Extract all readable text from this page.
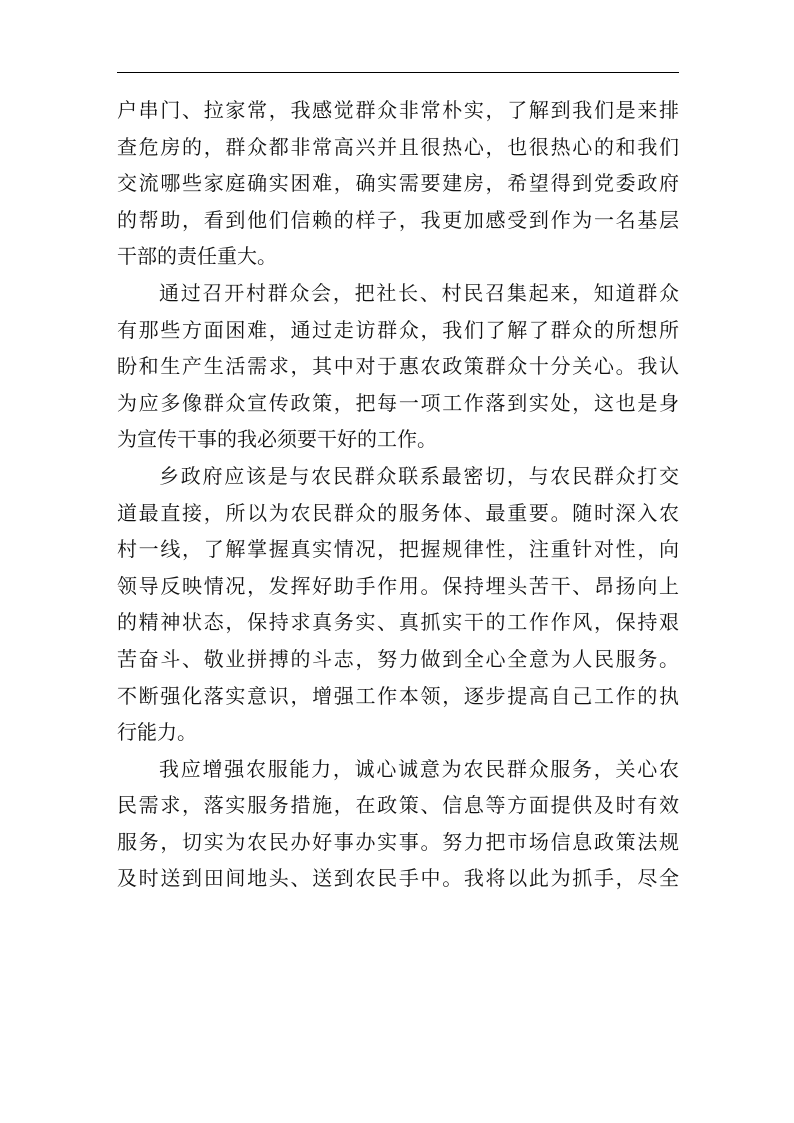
户串门、拉家常，我感觉群众非常朴实，了解到我们是来排
查危房的，群众都非常高兴并且很热心，也很热心的和我们
交流哪些家庭确实困难，确实需要建房，希望得到党委政府
的帮助，看到他们信赖的样子，我更加感受到作为一名基层
干部的责任重大。
通过召开村群众会，把社长、村民召集起来，知道群众
有那些方面困难，通过走访群众，我们了解了群众的所想所
盼和生产生活需求，其中对于惠农政策群众十分关心。我认
为应多像群众宣传政策，把每一项工作落到实处，这也是身
为宣传干事的我必须要干好的工作。
乡政府应该是与农民群众联系最密切，与农民群众打交
道最直接，所以为农民群众的服务体、最重要。随时深入农
村一线，了解掌握真实情况，把握规律性，注重针对性，向
领导反映情况，发挥好助手作用。保持埋头苦干、昂扬向上
的精神状态，保持求真务实、真抓实干的工作作风，保持艰
苦奋斗、敬业拼搏的斗志，努力做到全心全意为人民服务。
不断强化落实意识，增强工作本领，逐步提高自己工作的执
行能力。
我应增强农服能力，诚心诚意为农民群众服务，关心农
民需求，落实服务措施，在政策、信息等方面提供及时有效
服务，切实为农民办好事办实事。努力把市场信息政策法规
及时送到田间地头、送到农民手中。我将以此为抓手，尽全
